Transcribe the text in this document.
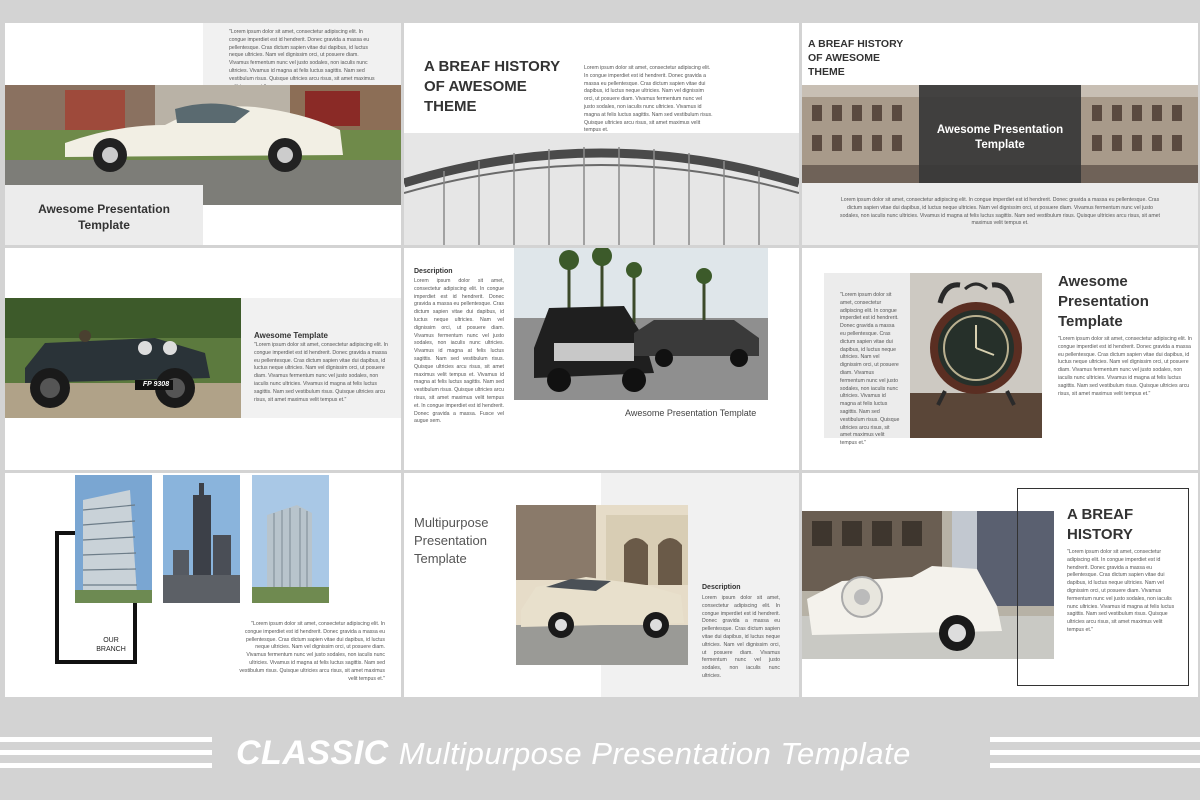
"Lorem ipsum dolor sit amet, consectetur adipiscing elit. In congue imperdiet est id hendrerit. Donec gravida a massa eu pellentesque. Cras dictum sapien vitae dui dapibus, id luctus neque ultricies. Nam vel dignissim orci, ut posuere diam. Vivamus fermentum nunc vel justo sodales, non iaculis nunc ultricies. Vivamus id magna at felis luctus sagittis. Nam sed vestibulum risus. Quisque ultricies arcu risus, sit amet maximus
Awesome Presentation
Template
A BREAF HISTORY
OF AWESOME
THEME
Lorem ipsum dolor sit amet, consectetur adipiscing elit. In congue imperdiet est id hendrerit. Donec gravida a massa eu pellentesque. Cras dictum sapien vitae dui dapibus, id luctus neque ultricies. Nam vel dignissim orci, ut posuere diam. Vivamus fermentum nunc vel justo sodales, non iaculis nunc ultricies. Vivamus id magna at felis luctus sagittis. Nam sed vestibulum risus. Quisque ultricies arcu risus, sit amet maximus velit tempus et.
A BREAF HISTORY
OF AWESOME
THEME
Awesome Presentation
Template
Lorem ipsum dolor sit amet, consectetur adipiscing elit. In congue imperdiet est id hendrerit. Donec gravida a massa eu pellentesque. Cras dictum sapien vitae dui dapibus, id luctus neque ultricies. Nam vel dignissim orci, ut posuere diam. Vivamus fermentum nunc vel justo sodales, non iaculis nunc ultricies. Vivamus id magna at felis luctus sagittis. Nam sed vestibulum risus. Quisque ultricies arcu risus, sit amet maximus velit tempus et.
FP 9308
Awesome Template
"Lorem ipsum dolor sit amet, consectetur adipiscing elit. In congue imperdiet est id hendrerit. Donec gravida a massa eu pellentesque. Cras dictum sapien vitae dui dapibus, id luctus neque ultricies. Nam vel dignissim orci, ut posuere diam. Vivamus fermentum nunc vel justo sodales, non iaculis nunc ultricies. Vivamus id magna at felis luctus sagittis. Nam sed vestibulum risus. Quisque ultricies arcu risus, sit amet maximus velit tempus et."
Description
Lorem ipsum dolor sit amet, consectetur adipiscing elit. In congue imperdiet est id hendrerit. Donec gravida a massa eu pellentesque. Cras dictum sapien vitae dui dapibus, id luctus neque ultricies. Nam vel dignissim orci, ut posuere diam. Vivamus fermentum nunc vel justo sodales, non iaculis nunc ultricies. Vivamus id magna at felis luctus sagittis. Nam sed vestibulum risus. Quisque ultricies arcu risus, sit amet maximus velit tempus et. Vivamus id magna at felis luctus sagittis. Nam sed vestibulum risus. Quisque ultricies arcu risus, sit amet maximus velit tempus et. In congue imperdiet est id hendrerit. Donec gravida a massa. Fusce vel augue sem.
Awesome Presentation Template
"Lorem ipsum dolor sit amet, consectetur adipiscing elit. In congue imperdiet est id hendrerit. Donec gravida a massa eu pellentesque. Cras dictum sapien vitae dui dapibus, id luctus neque ultricies. Nam vel dignissim orci, ut posuere diam. Vivamus fermentum nunc vel justo sodales, non iaculis nunc ultricies. Vivamus id magna at felis luctus sagittis. Nam sed vestibulum risus. Quisque ultricies arcu risus, sit amet maximus velit tempus et."
Awesome
Presentation
Template
"Lorem ipsum dolor sit amet, consectetur adipiscing elit. In congue imperdiet est id hendrerit. Donec gravida a massa eu pellentesque. Cras dictum sapien vitae dui dapibus, id luctus neque ultricies. Nam vel dignissim orci, ut posuere diam. Vivamus fermentum nunc vel justo sodales, non iaculis nunc ultricies. Vivamus id magna at felis luctus sagittis. Nam sed vestibulum risus. Quisque ultricies arcu risus, sit amet maximus velit tempus et."
OUR
BRANCH
"Lorem ipsum dolor sit amet, consectetur adipiscing elit. In congue imperdiet est id hendrerit. Donec gravida a massa eu pellentesque. Cras dictum sapien vitae dui dapibus, id luctus neque ultricies. Nam vel dignissim orci, ut posuere diam. Vivamus fermentum nunc vel justo sodales, non iaculis nunc ultricies. Vivamus id magna at felis luctus sagittis. Nam sed vestibulum risus. Quisque ultricies arcu risus, sit amet maximus velit tempus et."
Multipurpose
Presentation
Template
Description
Lorem ipsum dolor sit amet, consectetur adipiscing elit. In congue imperdiet est id hendrerit. Donec gravida a massa eu pellentesque. Cras dictum sapien vitae dui dapibus, id luctus neque ultricies. Nam vel dignissim orci, ut posuere diam. Vivamus fermentum nunc vel justo sodales, non iaculis nunc ultricies.
A BREAF
HISTORY
"Lorem ipsum dolor sit amet, consectetur adipiscing elit. In congue imperdiet est id hendrerit. Donec gravida a massa eu pellentesque. Cras dictum sapien vitae dui dapibus, id luctus neque ultricies. Nam vel dignissim orci, ut posuere diam. Vivamus fermentum nunc vel justo sodales, non iaculis nunc ultricies. Vivamus id magna at felis luctus sagittis. Nam sed vestibulum risus. Quisque ultricies arcu risus, sit amet maximus velit tempus et."
CLASSIC Multipurpose Presentation Template
